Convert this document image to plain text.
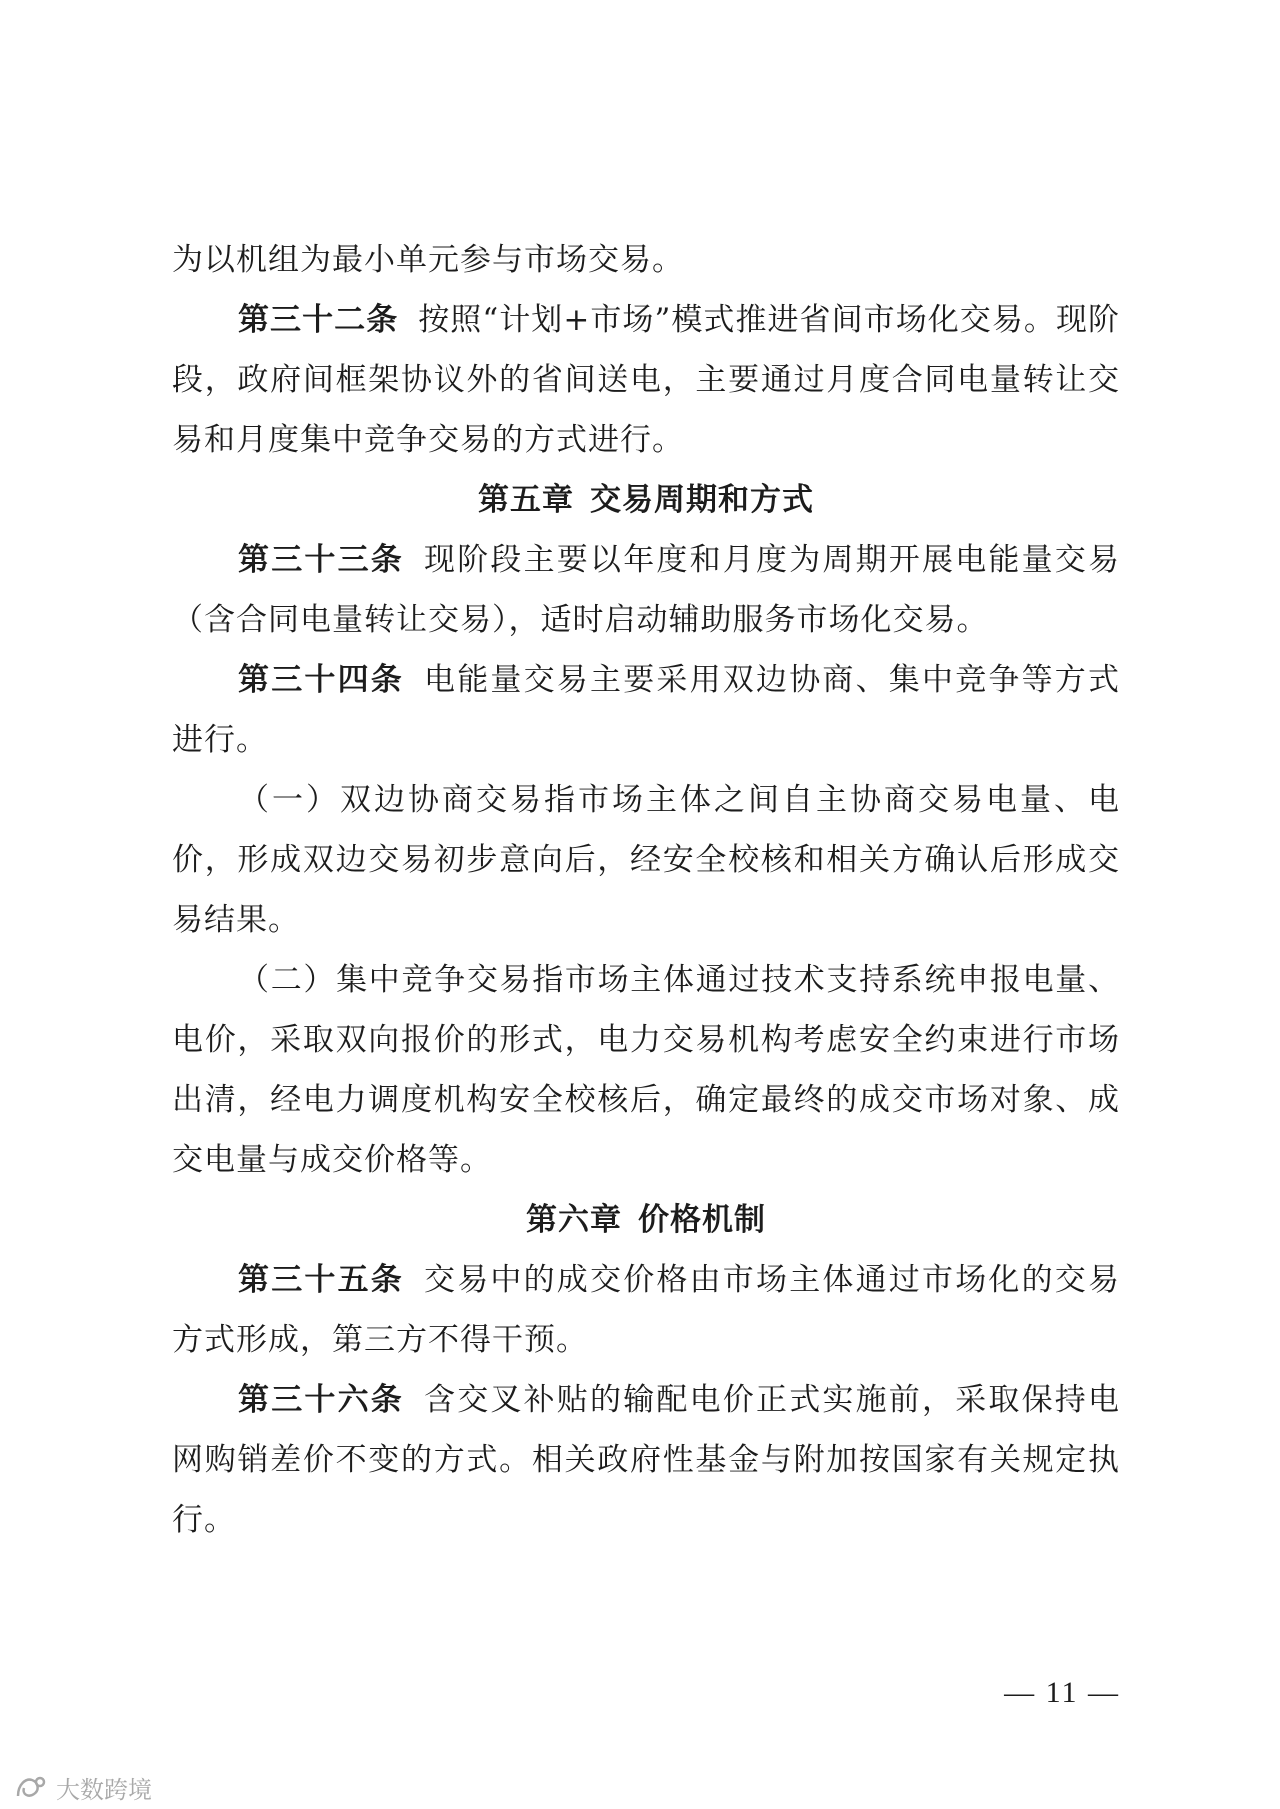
为以机组为最小单元参与市场交易。

第三十二条 按照“计划+市场”模式推进省间市场化交易。现阶段，政府间框架协议外的省间送电，主要通过月度合同电量转让交易和月度集中竞争交易的方式进行。

第五章 交易周期和方式

第三十三条 现阶段主要以年度和月度为周期开展电能量交易（含合同电量转让交易），适时启动辅助服务市场化交易。

第三十四条 电能量交易主要采用双边协商、集中竞争等方式进行。

（一）双边协商交易指市场主体之间自主协商交易电量、电价，形成双边交易初步意向后，经安全校核和相关方确认后形成交易结果。

（二）集中竞争交易指市场主体通过技术支持系统申报电量、电价，采取双向报价的形式，电力交易机构考虑安全约束进行市场出清，经电力调度机构安全校核后，确定最终的成交市场对象、成交电量与成交价格等。

第六章 价格机制

第三十五条 交易中的成交价格由市场主体通过市场化的交易方式形成，第三方不得干预。

第三十六条 含交叉补贴的输配电价正式实施前，采取保持电网购销差价不变的方式。相关政府性基金与附加按国家有关规定执行。

— 11 —
大数跨境
